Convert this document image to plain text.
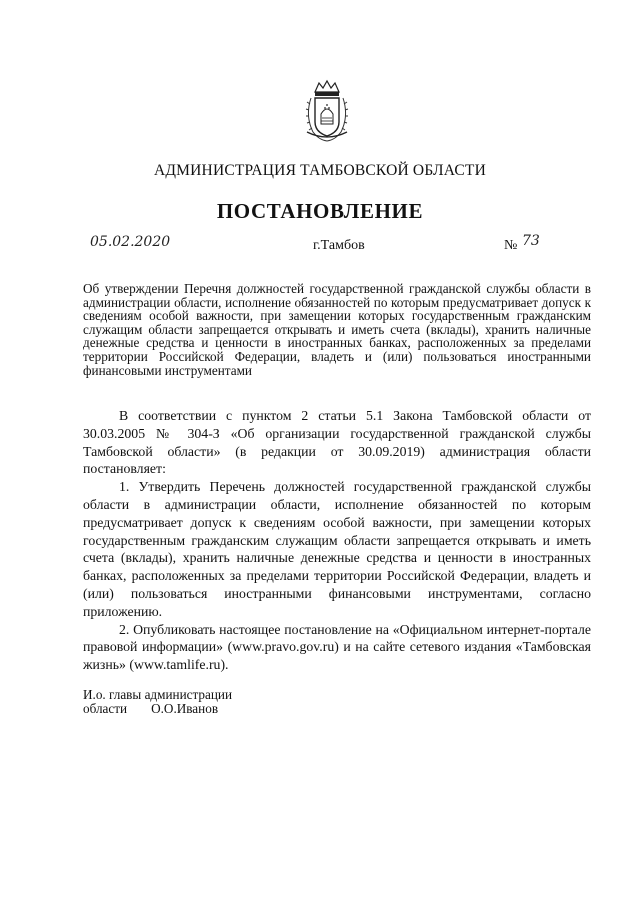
АДМИНИСТРАЦИЯ ТАМБОВСКОЙ ОБЛАСТИ
ПОСТАНОВЛЕНИЕ
05.02.2020	г.Тамбов	№ 73
Об утверждении Перечня должностей государственной гражданской службы области в администрации области, исполнение обязанностей по которым предусматривает допуск к сведениям особой важности, при замещении которых государственным гражданским служащим области запрещается открывать и иметь счета (вклады), хранить наличные денежные средства и ценности в иностранных банках, расположенных за пределами территории Российской Федерации, владеть и (или) пользоваться иностранными финансовыми инструментами

В соответствии с пунктом 2 статьи 5.1 Закона Тамбовской области от 30.03.2005 № 304-З «Об организации государственной гражданской службы Тамбовской области» (в редакции от 30.09.2019) администрация области постановляет:

1. Утвердить Перечень должностей государственной гражданской службы области в администрации области, исполнение обязанностей по которым предусматривает допуск к сведениям особой важности, при замещении которых государственным гражданским служащим области запрещается открывать и иметь счета (вклады), хранить наличные денежные средства и ценности в иностранных банках, расположенных за пределами территории Российской Федерации, владеть и (или) пользоваться иностранными финансовыми инструментами, согласно приложению.

2. Опубликовать настоящее постановление на «Официальном интернет-портале правовой информации» (www.pravo.gov.ru) и на сайте сетевого издания «Тамбовская жизнь» (www.tamlife.ru).

И.о. главы администрации
области О.О.Иванов
